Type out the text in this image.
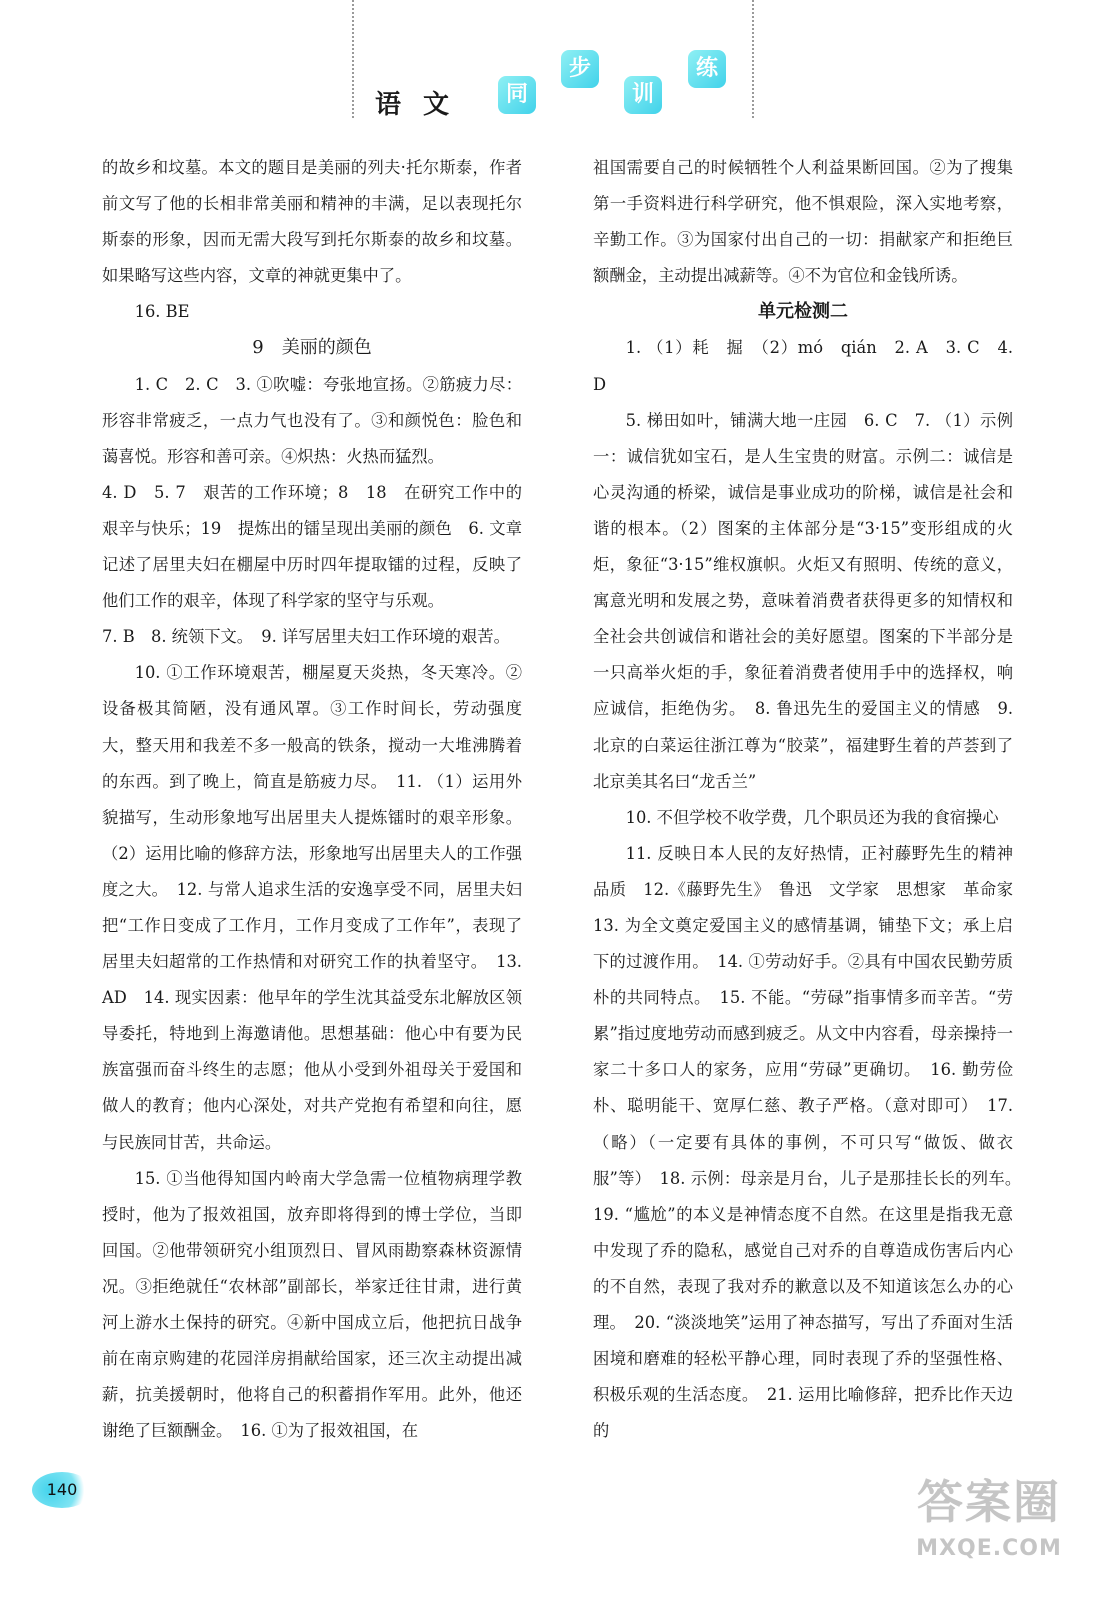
语 文	同
步
训
练

的故乡和坟墓。本文的题目是美丽的列夫·托尔斯泰，作者前文写了他的长相非常美丽和精神的丰满，足以表现托尔斯泰的形象，因而无需大段写到托尔斯泰的故乡和坟墓。如果略写这些内容，文章的神就更集中了。

16. BE

9　美丽的颜色

1. C　2. C　3. ①吹嘘：夸张地宣扬。②筋疲力尽：形容非常疲乏，一点力气也没有了。③和颜悦色：脸色和蔼喜悦。形容和善可亲。④炽热：火热而猛烈。

4. D　5. 7　艰苦的工作环境；8　18　在研究工作中的艰辛与快乐；19　提炼出的镭呈现出美丽的颜色　6. 文章记述了居里夫妇在棚屋中历时四年提取镭的过程，反映了他们工作的艰辛，体现了科学家的坚守与乐观。

7. B　8. 统领下文。　9. 详写居里夫妇工作环境的艰苦。

10. ①工作环境艰苦，棚屋夏天炎热，冬天寒冷。②设备极其简陋，没有通风罩。③工作时间长，劳动强度大，整天用和我差不多一般高的铁条，搅动一大堆沸腾着的东西。到了晚上，简直是筋疲力尽。　11. （1）运用外貌描写，生动形象地写出居里夫人提炼镭时的艰辛形象。（2）运用比喻的修辞方法，形象地写出居里夫人的工作强度之大。　12. 与常人追求生活的安逸享受不同，居里夫妇把“工作日变成了工作月，工作月变成了工作年”，表现了居里夫妇超常的工作热情和对研究工作的执着坚守。　13. AD　14. 现实因素：他早年的学生沈其益受东北解放区领导委托，特地到上海邀请他。思想基础：他心中有要为民族富强而奋斗终生的志愿；他从小受到外祖母关于爱国和做人的教育；他内心深处，对共产党抱有希望和向往，愿与民族同甘苦，共命运。

15. ①当他得知国内岭南大学急需一位植物病理学教授时，他为了报效祖国，放弃即将得到的博士学位，当即回国。②他带领研究小组顶烈日、冒风雨勘察森林资源情况。③拒绝就任“农林部”副部长，举家迁往甘肃，进行黄河上游水土保持的研究。④新中国成立后，他把抗日战争前在南京购建的花园洋房捐献给国家，还三次主动提出减薪，抗美援朝时，他将自己的积蓄捐作军用。此外，他还谢绝了巨额酬金。　16. ①为了报效祖国，在

祖国需要自己的时候牺牲个人利益果断回国。②为了搜集第一手资料进行科学研究，他不惧艰险，深入实地考察，辛勤工作。③为国家付出自己的一切：捐献家产和拒绝巨额酬金，主动提出减薪等。④不为官位和金钱所诱。

单元检测二

1. （1）耗　掘　（2）mó　qián　2. A　3. C　4. D

5. 梯田如叶，铺满大地一庄园　6. C　7. （1）示例一：诚信犹如宝石，是人生宝贵的财富。示例二：诚信是心灵沟通的桥梁，诚信是事业成功的阶梯，诚信是社会和谐的根本。（2）图案的主体部分是“3·15”变形组成的火炬，象征“3·15”维权旗帜。火炬又有照明、传统的意义，寓意光明和发展之势，意味着消费者获得更多的知情权和全社会共创诚信和谐社会的美好愿望。图案的下半部分是一只高举火炬的手，象征着消费者使用手中的选择权，响应诚信，拒绝伪劣。　8. 鲁迅先生的爱国主义的情感　9. 北京的白菜运往浙江尊为“胶菜”，福建野生着的芦荟到了北京美其名曰“龙舌兰”

10. 不但学校不收学费，几个职员还为我的食宿操心

11. 反映日本人民的友好热情，正衬藤野先生的精神品质　12.《藤野先生》　鲁迅　文学家　思想家　革命家　13. 为全文奠定爱国主义的感情基调，铺垫下文；承上启下的过渡作用。　14. ①劳动好手。②具有中国农民勤劳质朴的共同特点。　15. 不能。“劳碌”指事情多而辛苦。“劳累”指过度地劳动而感到疲乏。从文中内容看，母亲操持一家二十多口人的家务，应用“劳碌”更确切。　16. 勤劳俭朴、聪明能干、宽厚仁慈、教子严格。（意对即可）　17. （略）（一定要有具体的事例，不可只写“做饭、做衣服”等）　18. 示例：母亲是月台，儿子是那挂长长的列车。　19. “尴尬”的本义是神情态度不自然。在这里是指我无意中发现了乔的隐私，感觉自己对乔的自尊造成伤害后内心的不自然，表现了我对乔的歉意以及不知道该怎么办的心理。　20. “淡淡地笑”运用了神态描写，写出了乔面对生活困境和磨难的轻松平静心理，同时表现了乔的坚强性格、积极乐观的生活态度。　21. 运用比喻修辞，把乔比作天边的

140	答案圈
MXQE.COM
